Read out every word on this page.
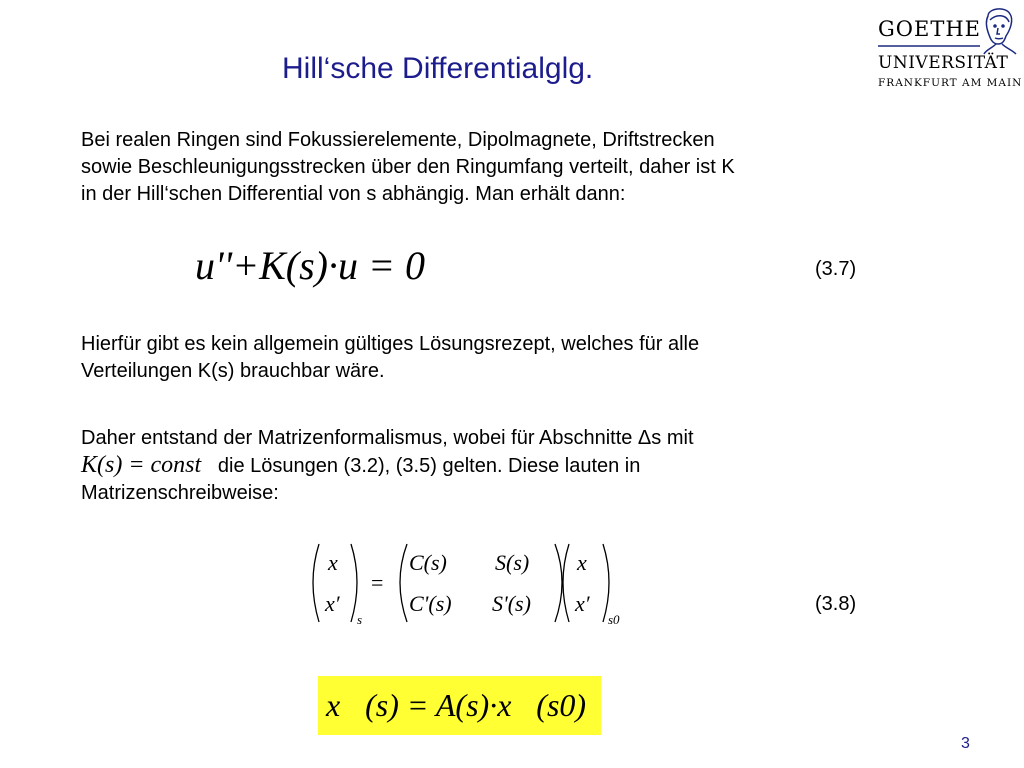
GOETHE
UNIVERSITÄT
FRANKFURT AM MAIN
Hill‘sche Differentialglg.
Bei realen Ringen sind Fokussierelemente, Dipolmagnete, Driftstrecken
sowie Beschleunigungsstrecken über den Ringumfang verteilt, daher ist K
in der Hill‘schen Differential von s abhängig. Man erhält dann:
u''+K(s)·u = 0	(3.7)
Hierfür gibt es kein allgemein gültiges Lösungsrezept, welches für alle
Verteilungen K(s) brauchbar wäre.
Daher entstand der Matrizenformalismus, wobei für Abschnitte Δs mit
K(s) = const die Lösungen (3.2), (3.5) gelten. Diese lauten in
Matrizenschreibweise:
x
x′
s
=
C(s) S(s)
C'(s) S'(s)
x
x′
s0
(3.8)
x⃗(s) = A(s)·x⃗(s0)
3
